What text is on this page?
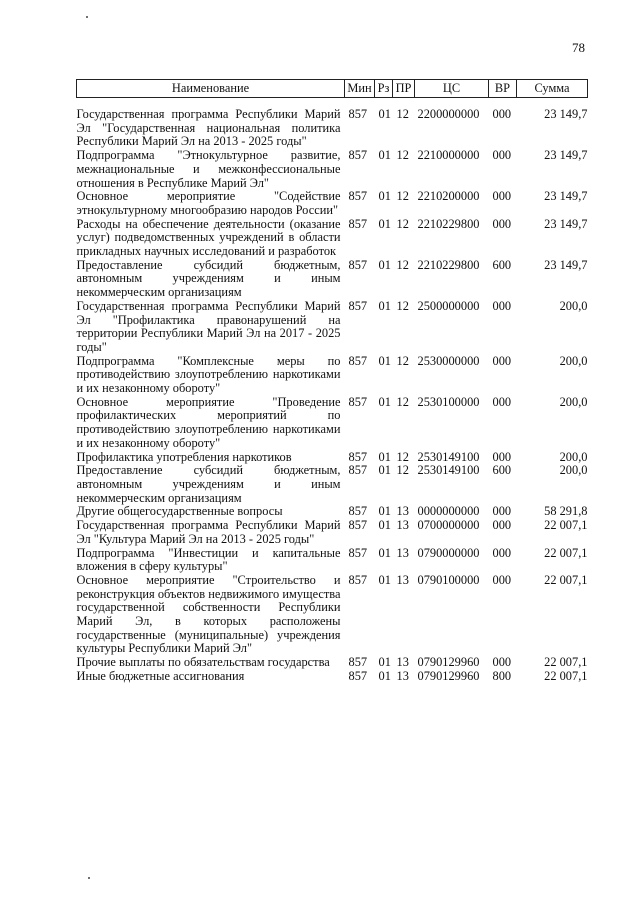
78
Наименование	Мин	Рз	ПР	ЦС	ВР	Сумма
Государственная программа Республики Марий Эл "Государственная национальная политика Республики Марий Эл на 2013 - 2025 годы"	857	01	12	2200000000	000	23 149,7
Подпрограмма "Этнокультурное развитие, межнациональные и межконфессиональные отношения в Республике Марий Эл"	857	01	12	2210000000	000	23 149,7
Основное мероприятие "Содействие этнокультурному многообразию народов России"	857	01	12	2210200000	000	23 149,7
Расходы на обеспечение деятельности (оказание услуг) подведомственных учреждений в области прикладных научных исследований и разработок	857	01	12	2210229800	000	23 149,7
Предоставление субсидий бюджетным, автономным учреждениям и иным некоммерческим организациям	857	01	12	2210229800	600	23 149,7
Государственная программа Республики Марий Эл "Профилактика правонарушений на территории Республики Марий Эл на 2017 - 2025 годы"	857	01	12	2500000000	000	200,0
Подпрограмма "Комплексные меры по противодействию злоупотреблению наркотиками и их незаконному обороту"	857	01	12	2530000000	000	200,0
Основное мероприятие "Проведение профилактических мероприятий по противодействию злоупотреблению наркотиками и их незаконному обороту"	857	01	12	2530100000	000	200,0
Профилактика употребления наркотиков	857	01	12	2530149100	000	200,0
Предоставление субсидий бюджетным, автономным учреждениям и иным некоммерческим организациям	857	01	12	2530149100	600	200,0
Другие общегосударственные вопросы	857	01	13	0000000000	000	58 291,8
Государственная программа Республики Марий Эл "Культура Марий Эл на 2013 - 2025 годы"	857	01	13	0700000000	000	22 007,1
Подпрограмма "Инвестиции и капитальные вложения в сферу культуры"	857	01	13	0790000000	000	22 007,1
Основное мероприятие "Строительство и реконструкция объектов недвижимого имущества государственной собственности Республики Марий Эл, в которых расположены государственные (муниципальные) учреждения культуры Республики Марий Эл"	857	01	13	0790100000	000	22 007,1
Прочие выплаты по обязательствам государства	857	01	13	0790129960	000	22 007,1
Иные бюджетные ассигнования	857	01	13	0790129960	800	22 007,1
